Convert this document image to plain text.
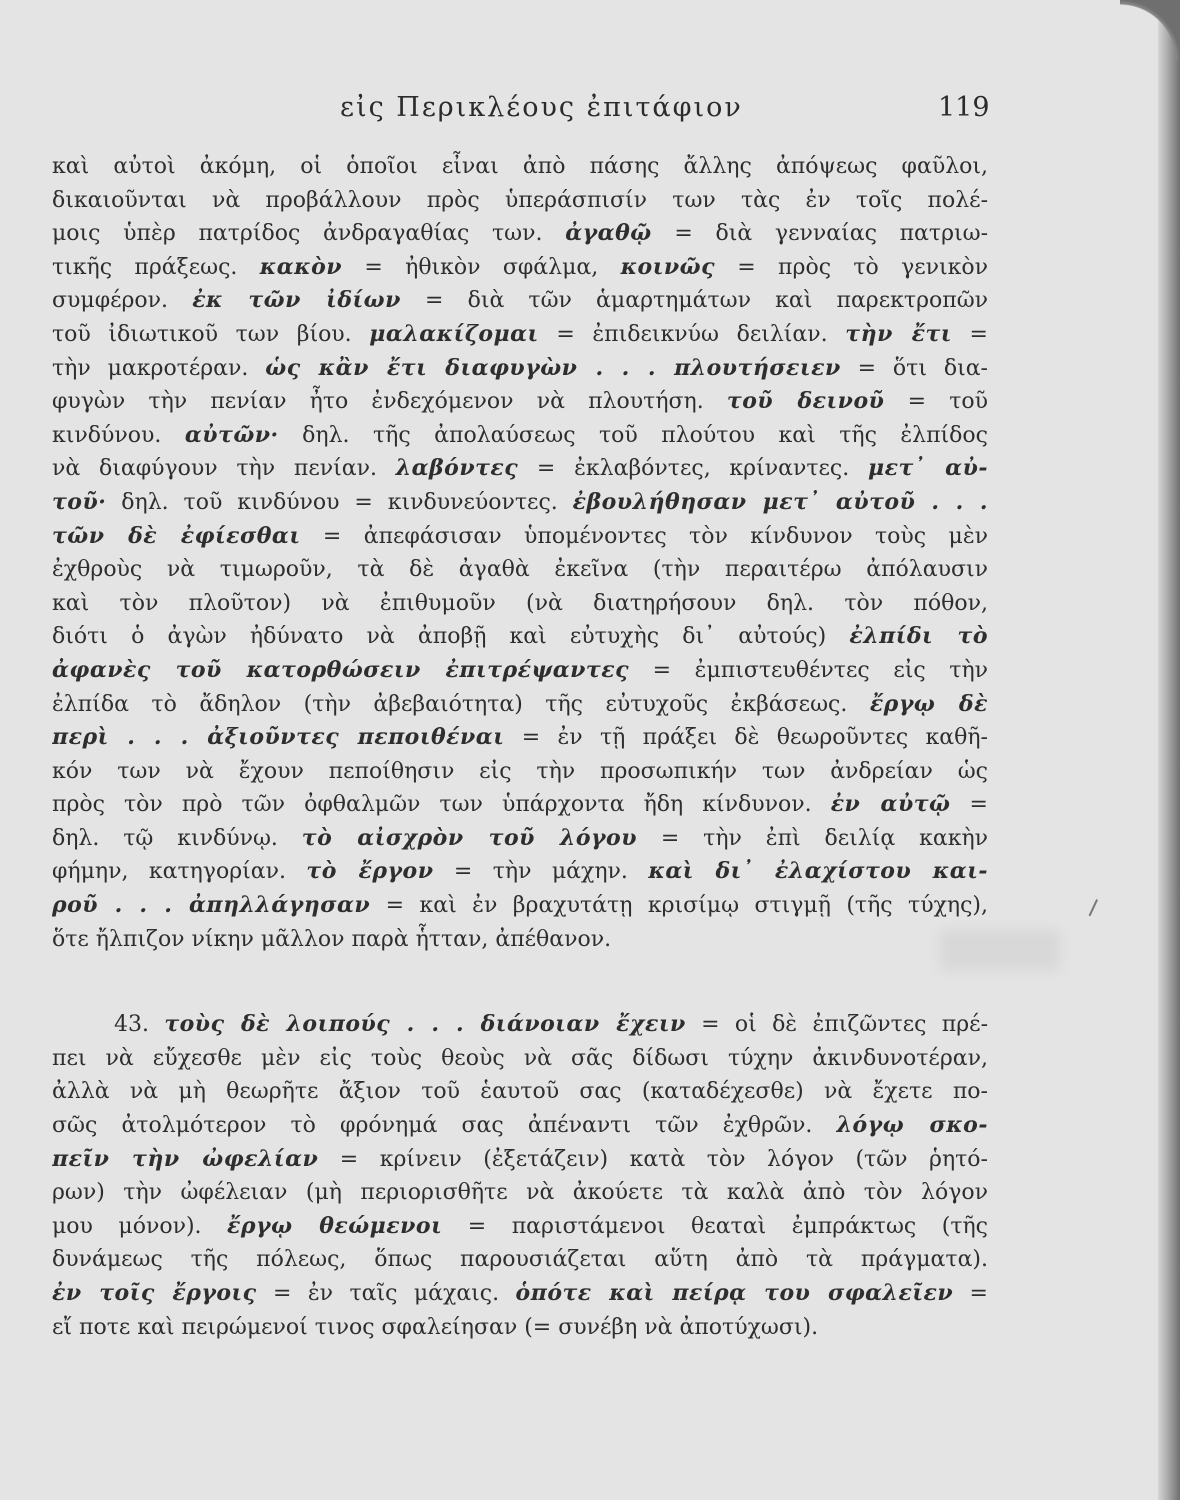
εἰς Περικλέους ἐπιτάφιον	119
καὶ αὐτοὶ ἀκόμη, οἱ ὁποῖοι εἶναι ἀπὸ πάσης ἄλλης ἀπόψεως φαῦλοι,
δικαιοῦνται νὰ προβάλλουν πρὸς ὑπεράσπισίν των τὰς ἐν τοῖς πολέ-
μοις ὑπὲρ πατρίδος ἀνδραγαθίας των. ἀγαθῷ = διὰ γενναίας πατριω-
τικῆς πράξεως. κακὸν = ἠθικὸν σφάλμα, κοινῶς = πρὸς τὸ γενικὸν
συμφέρον. ἐκ τῶν ἰδίων = διὰ τῶν ἁμαρτημάτων καὶ παρεκτροπῶν
τοῦ ἰδιωτικοῦ των βίου. μαλακίζομαι = ἐπιδεικνύω δειλίαν. τὴν ἔτι =
τὴν μακροτέραν. ὡς κἂν ἔτι διαφυγὼν . . . πλουτήσειεν = ὅτι δια-
φυγὼν τὴν πενίαν ἦτο ἐνδεχόμενον νὰ πλουτήση. τοῦ δεινοῦ = τοῦ
κινδύνου. αὐτῶν· δηλ. τῆς ἀπολαύσεως τοῦ πλούτου καὶ τῆς ἐλπίδος
νὰ διαφύγουν τὴν πενίαν. λαβόντες = ἐκλαβόντες, κρίναντες. μετ᾽ αὐ-
τοῦ· δηλ. τοῦ κινδύνου = κινδυνεύοντες. ἐβουλήθησαν μετ᾽ αὐτοῦ . . .
τῶν δὲ ἐφίεσθαι = ἀπεφάσισαν ὑπομένοντες τὸν κίνδυνον τοὺς μὲν
ἐχθροὺς νὰ τιμωροῦν, τὰ δὲ ἀγαθὰ ἐκεῖνα (τὴν περαιτέρω ἀπόλαυσιν
καὶ τὸν πλοῦτον) νὰ ἐπιθυμοῦν (νὰ διατηρήσουν δηλ. τὸν πόθον,
διότι ὁ ἀγὼν ἠδύνατο νὰ ἀποβῇ καὶ εὐτυχὴς δι᾽ αὐτούς) ἐλπίδι τὸ
ἀφανὲς τοῦ κατορθώσειν ἐπιτρέψαντες = ἐμπιστευθέντες εἰς τὴν
ἐλπίδα τὸ ἄδηλον (τὴν ἀβεβαιότητα) τῆς εὐτυχοῦς ἐκβάσεως. ἔργῳ δὲ
περὶ . . . ἀξιοῦντες πεποιθέναι = ἐν τῇ πράξει δὲ θεωροῦντες καθῆ-
κόν των νὰ ἔχουν πεποίθησιν εἰς τὴν προσωπικήν των ἀνδρείαν ὡς
πρὸς τὸν πρὸ τῶν ὀφθαλμῶν των ὑπάρχοντα ἤδη κίνδυνον. ἐν αὐτῷ =
δηλ. τῷ κινδύνῳ. τὸ αἰσχρὸν τοῦ λόγου = τὴν ἐπὶ δειλίᾳ κακὴν
φήμην, κατηγορίαν. τὸ ἔργον = τὴν μάχην. καὶ δι᾽ ἐλαχίστου και-
ροῦ . . . ἀπηλλάγησαν = καὶ ἐν βραχυτάτῃ κρισίμῳ στιγμῇ (τῆς τύχης),
ὅτε ἤλπιζον νίκην μᾶλλον παρὰ ἧτταν, ἀπέθανον.
43. τοὺς δὲ λοιπούς . . . διάνοιαν ἔχειν = οἱ δὲ ἐπιζῶντες πρέ-
πει νὰ εὔχεσθε μὲν εἰς τοὺς θεοὺς νὰ σᾶς δίδωσι τύχην ἀκινδυνοτέραν,
ἀλλὰ νὰ μὴ θεωρῆτε ἄξιον τοῦ ἑαυτοῦ σας (καταδέχεσθε) νὰ ἔχετε πο-
σῶς ἀτολμότερον τὸ φρόνημά σας ἀπέναντι τῶν ἐχθρῶν. λόγῳ σκο-
πεῖν τὴν ὠφελίαν = κρίνειν (ἐξετάζειν) κατὰ τὸν λόγον (τῶν ῥητό-
ρων) τὴν ὠφέλειαν (μὴ περιορισθῆτε νὰ ἀκούετε τὰ καλὰ ἀπὸ τὸν λόγον
μου μόνον). ἔργῳ θεώμενοι = παριστάμενοι θεαταὶ ἐμπράκτως (τῆς
δυνάμεως τῆς πόλεως, ὅπως παρουσιάζεται αὕτη ἀπὸ τὰ πράγματα).
ἐν τοῖς ἔργοις = ἐν ταῖς μάχαις. ὁπότε καὶ πείρᾳ του σφαλεῖεν =
εἴ ποτε καὶ πειρώμενοί τινος σφαλείησαν (= συνέβη νὰ ἀποτύχωσι).
